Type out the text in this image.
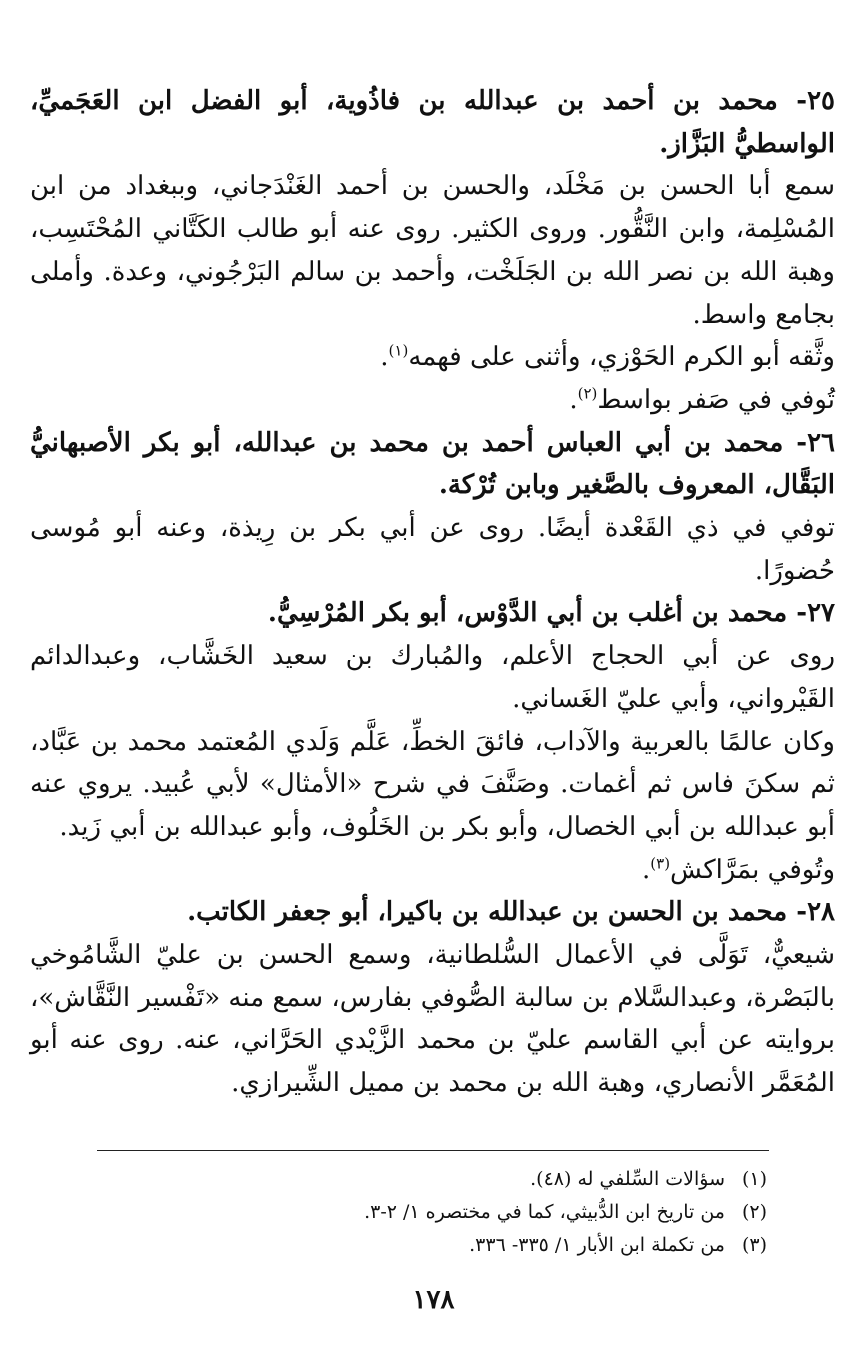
٢٥- محمد بن أحمد بن عبدالله بن فاذُوية، أبو الفضل ابن العَجَميِّ، الواسطيُّ البَزَّاز.
سمع أبا الحسن بن مَخْلَد، والحسن بن أحمد الغَنْدَجاني، وببغداد من ابن المُسْلِمة، وابن النَّقُّور. وروى الكثير. روى عنه أبو طالب الكَتَّاني المُحْتَسِب، وهبة الله بن نصر الله بن الجَلَخْت، وأحمد بن سالم البَرْجُوني، وعدة. وأملى بجامع واسط.
وثَّقه أبو الكرم الحَوْزي، وأثنى على فهمه$^{(١)}$.
تُوفي في صَفر بواسط$^{(٢)}$.
٢٦- محمد بن أبي العباس أحمد بن محمد بن عبدالله، أبو بكر الأصبهانيُّ البَقَّال، المعروف بالصَّغير وبابن تُرْكة.
توفي في ذي القَعْدة أيضًا. روى عن أبي بكر بن رِيذة، وعنه أبو مُوسى حُضورًا.
٢٧- محمد بن أغلب بن أبي الدَّوْس، أبو بكر المُرْسِيُّ.
روى عن أبي الحجاج الأعلم، والمُبارك بن سعيد الخَشَّاب، وعبدالدائم القَيْرواني، وأبي عليّ الغَساني.
وكان عالمًا بالعربية والآداب، فائقَ الخطِّ، عَلَّم وَلَدي المُعتمد محمد بن عَبَّاد، ثم سكنَ فاس ثم أغمات. وصَنَّفَ في شرح «الأمثال» لأبي عُبيد. يروي عنه أبو عبدالله بن أبي الخصال، وأبو بكر بن الخَلُوف، وأبو عبدالله بن أبي زَيد.
وتُوفي بمَرَّاكش$^{(٣)}$.
٢٨- محمد بن الحسن بن عبدالله بن باكيرا، أبو جعفر الكاتب.
شيعيٌّ، تَوَلَّى في الأعمال السُّلطانية، وسمع الحسن بن عليّ الشَّامُوخي بالبَصْرة، وعبدالسَّلام بن سالبة الصُّوفي بفارس، سمع منه «تَفْسير النَّقَّاش»، بروايته عن أبي القاسم عليّ بن محمد الزَّيْدي الحَرَّاني، عنه. روى عنه أبو المُعَمَّر الأنصاري، وهبة الله بن محمد بن مميل الشِّيرازي.
(١)سؤالات السِّلفي له (٤٨).
(٢)من تاريخ ابن الدُّبيثي، كما في مختصره ١/ ٢-٣.
(٣)من تكملة ابن الأبار ١/ ٣٣٥- ٣٣٦.
١٧٨
